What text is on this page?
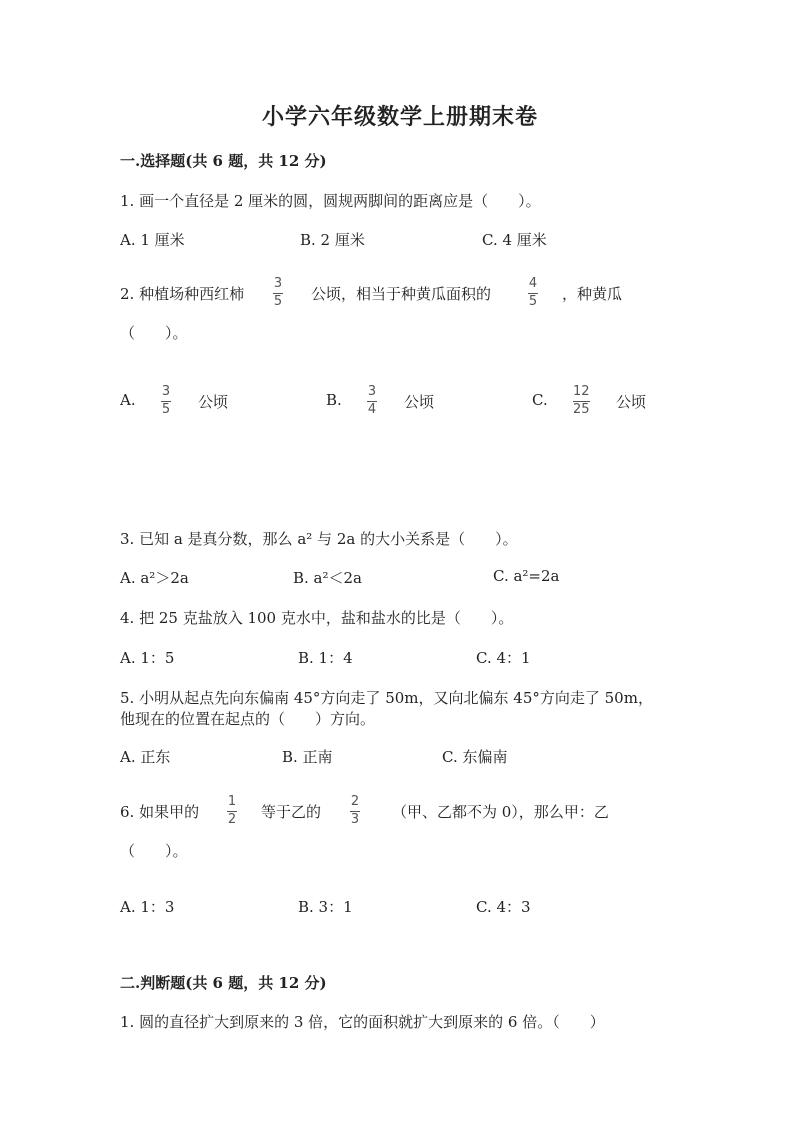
小学六年级数学上册期末卷
一.选择题(共 6 题，共 12 分)
1. 画一个直径是 2 厘米的圆，圆规两脚间的距离应是（　　）。
A. 1 厘米	B. 2 厘米	C. 4 厘米
2. 种植场种西红柿
3
5 公顷，相当于种黄瓜面积的
4
5 ，种黄瓜
（　　）。
A. 3
5 公顷	B. 3
4 公顷	C. 12
25 公顷
3. 已知 a 是真分数，那么 a² 与 2a 的大小关系是（　　）。
A. a²＞2a	B. a²＜2a	C. a²=2a
4. 把 25 克盐放入 100 克水中，盐和盐水的比是（　　）。
A. 1：5	B. 1：4	C. 4：1
5. 小明从起点先向东偏南 45°方向走了 50m，又向北偏东 45°方向走了 50m，
他现在的位置在起点的（　　）方向。
A. 正东	B. 正南	C. 东偏南
6. 如果甲的
1
2 等于乙的
2
3 （甲、乙都不为 0），那么甲：乙
（　　）。
A. 1：3	B. 3：1	C. 4：3
二.判断题(共 6 题，共 12 分)
1. 圆的直径扩大到原来的 3 倍，它的面积就扩大到原来的 6 倍。（　　）
